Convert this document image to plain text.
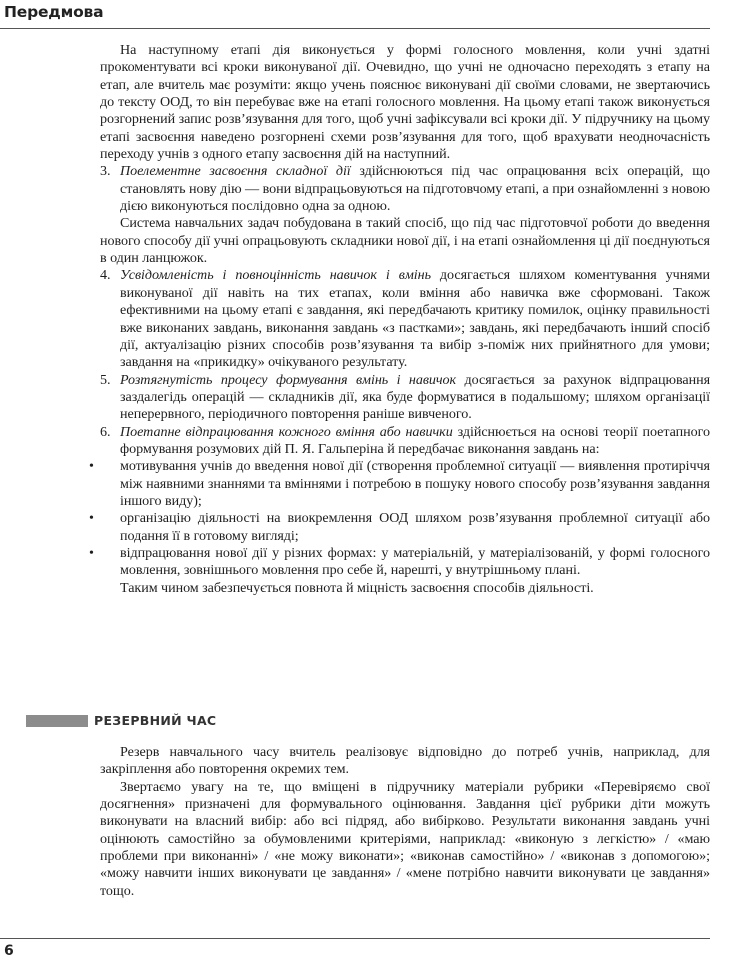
Передмова

На наступному етапі дія виконується у формі голосного мовлення, коли учні здатні прокоментувати всі кроки виконуваної дії. Очевидно, що учні не одночасно переходять з етапу на етап, але вчитель має розуміти: якщо учень пояснює виконувані дії своїми словами, не звертаючись до тексту ООД, то він перебуває вже на етапі голосного мовлення. На цьому етапі також виконується розгорнений запис розв’язування для того, щоб учні зафіксували всі кроки дії. У підручнику на цьому етапі засвоєння наведено розгорнені схеми розв’язування для того, щоб врахувати неодночасність переходу учнів з одного етапу засвоєння дій на наступний.

3. Поелементне засвоєння складної дії здійснюються під час опрацювання всіх операцій, що становлять нову дію — вони відпрацьовуються на підготовчому етапі, а при ознайомленні з новою дією виконуються послідовно одна за одною.

Система навчальних задач побудована в такий спосіб, що під час підготовчої роботи до введення нового способу дії учні опрацьовують складники нової дії, і на етапі ознайомлення ці дії поєднуються в один ланцюжок.

4. Усвідомленість і повноцінність навичок і вмінь досягається шляхом коментування учнями виконуваної дії навіть на тих етапах, коли вміння або навичка вже сформовані. Також ефективними на цьому етапі є завдання, які передбачають критику помилок, оцінку правильності вже виконаних завдань, виконання завдань «з пастками»; завдань, які передбачають інший спосіб дії, актуалізацію різних способів розв’язування та вибір з-поміж них прийнятного для умови; завдання на «прикидку» очікуваного результату.

5. Розтягнутість процесу формування вмінь і навичок досягається за рахунок відпрацювання заздалегідь операцій — складників дії, яка буде формуватися в подальшому; шляхом організації неперервного, періодичного повторення раніше вивченого.

6. Поетапне відпрацювання кожного вміння або навички здійснюється на основі теорії поетапного формування розумових дій П. Я. Гальперіна й передбачає виконання завдань на:

• мотивування учнів до введення нової дії (створення проблемної ситуації — виявлення протиріччя між наявними знаннями та вміннями і потребою в пошуку нового способу розв’язування завдання іншого виду);

• організацію діяльності на виокремлення ООД шляхом розв’язування проблемної ситуації або подання її в готовому вигляді;

• відпрацювання нової дії у різних формах: у матеріальній, у матеріалізованій, у формі голосного мовлення, зовнішнього мовлення про себе й, нарешті, у внутрішньому плані.

Таким чином забезпечується повнота й міцність засвоєння способів діяльності.

РЕЗЕРВНИЙ ЧАС

Резерв навчального часу вчитель реалізовує відповідно до потреб учнів, наприклад, для закріплення або повторення окремих тем.

Звертаємо увагу на те, що вміщені в підручнику матеріали рубрики «Перевіряємо свої досягнення» призначені для формувального оцінювання. Завдання цієї рубрики діти можуть виконувати на власний вибір: або всі підряд, або вибірково. Результати виконання завдань учні оцінюють самостійно за обумовленими критеріями, наприклад: «виконую з легкістю» / «маю проблеми при виконанні» / «не можу виконати»; «виконав самостійно» / «виконав з допомогою»; «можу навчити інших виконувати це завдання» / «мене потрібно навчити виконувати це завдання» тощо.

6
